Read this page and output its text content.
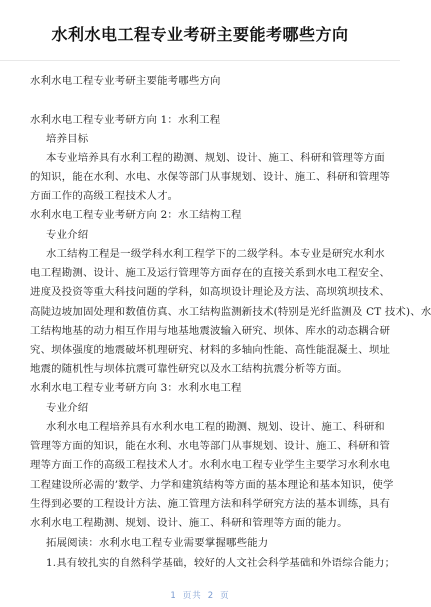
水利水电工程专业考研主要能考哪些方向
水利水电工程专业考研主要能考哪些方向
水利水电工程专业考研方向 1：水利工程
培养目标
本专业培养具有水利工程的勘测、规划、设计、施工、科研和管理等方面
的知识，能在水利、水电、水保等部门从事规划、设计、施工、科研和管理等
方面工作的高级工程技术人才。
水利水电工程专业考研方向 2：水工结构工程
专业介绍
水工结构工程是一级学科水利工程学下的二级学科。本专业是研究水利水
电工程勘测、设计、施工及运行管理等方面存在的直接关系到水电工程安全、
进度及投资等重大科技问题的学科，如高坝设计理论及方法、高坝筑坝技术、
高陡边坡加固处理和数值仿真、水工结构监测新技术(特别是光纤监测及 CT 技术)、水
工结构地基的动力相互作用与地基地震波输入研究、坝体、库水的动态耦合研
究、坝体强度的地震破坏机理研究、材料的多轴向性能、高性能混凝土、坝址
地震的随机性与坝体抗震可靠性研究以及水工结构抗震分析等方面。
水利水电工程专业考研方向 3：水利水电工程
专业介绍
水利水电工程培养具有水利水电工程的勘测、规划、设计、施工、科研和
管理等方面的知识，能在水利、水电等部门从事规划、设计、施工、科研和管
理等方面工作的高级工程技术人才。水利水电工程专业学生主要学习水利水电
工程建设所必需的’数学、力学和建筑结构等方面的基本理论和基本知识，使学
生得到必要的工程设计方法、施工管理方法和科学研究方法的基本训练，具有
水利水电工程勘测、规划、设计、施工、科研和管理等方面的能力。
拓展阅读：水利水电工程专业需要掌握哪些能力
1.具有较扎实的自然科学基础，较好的人文社会科学基础和外语综合能力；
1 页共 2 页
